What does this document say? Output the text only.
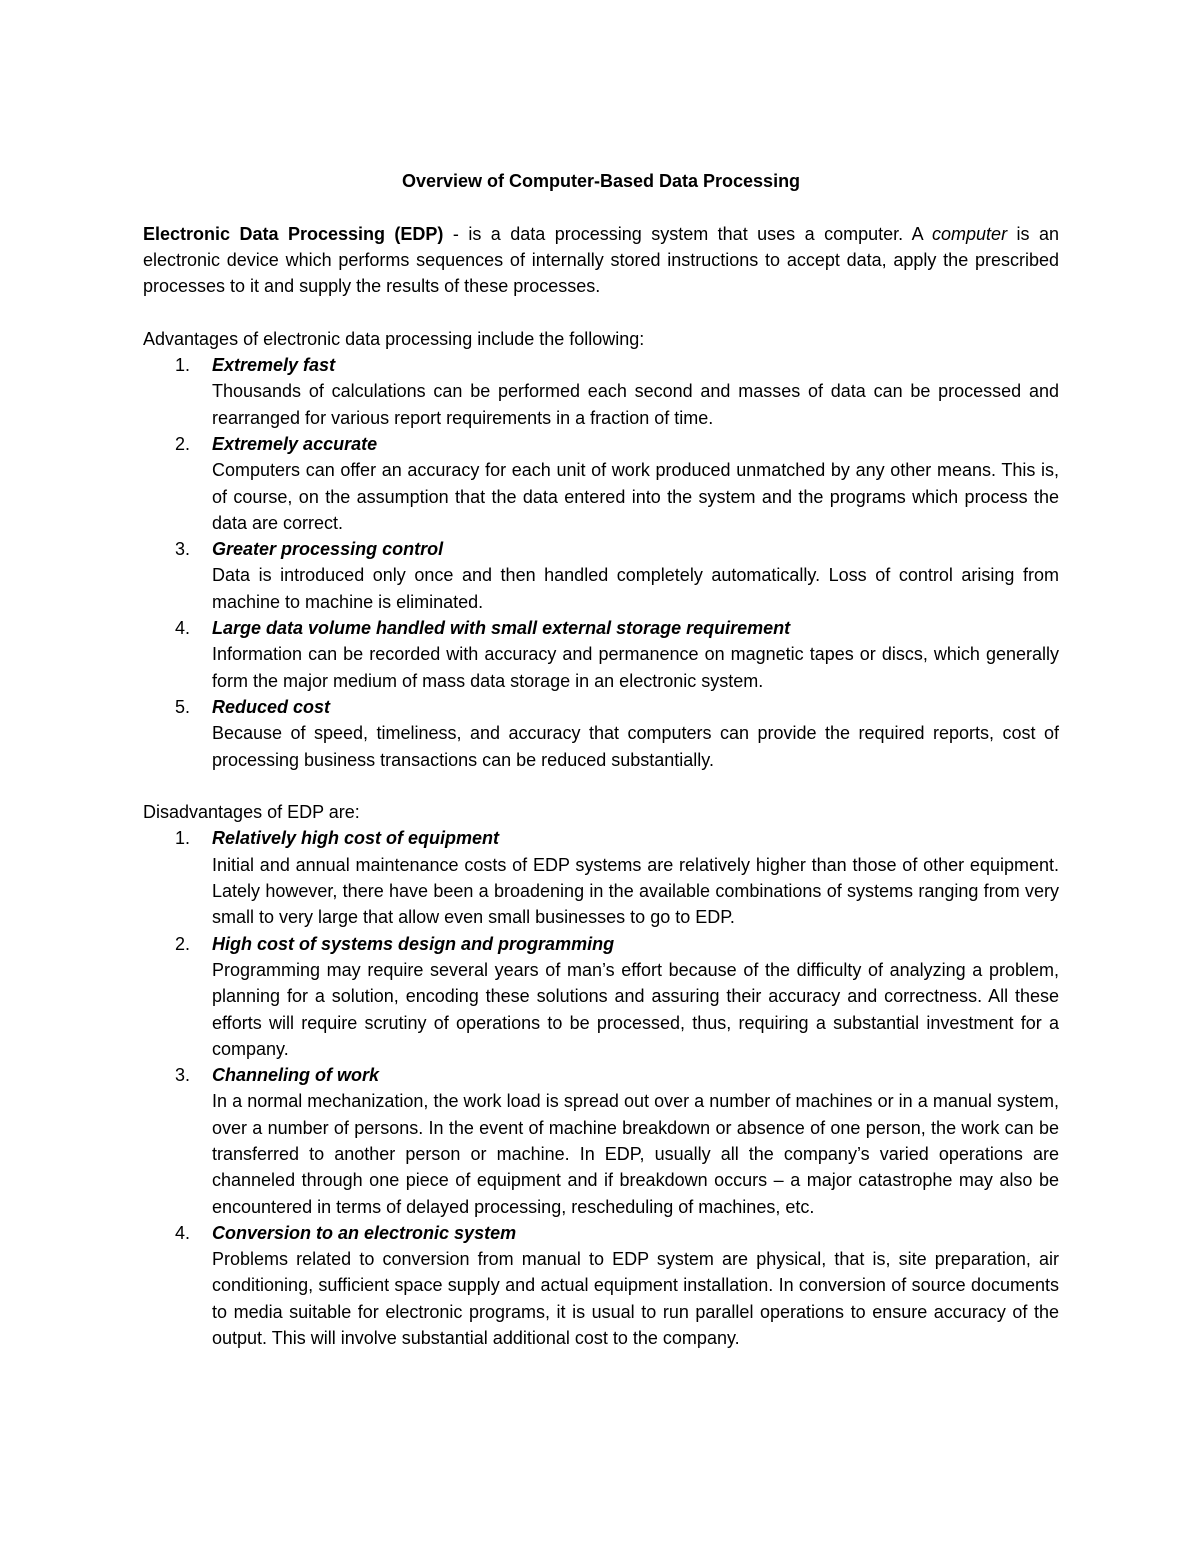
Overview of Computer-Based Data Processing

Electronic Data Processing (EDP) - is a data processing system that uses a computer. A computer is an electronic device which performs sequences of internally stored instructions to accept data, apply the prescribed processes to it and supply the results of these processes.

Advantages of electronic data processing include the following:

1. Extremely fast
Thousands of calculations can be performed each second and masses of data can be processed and rearranged for various report requirements in a fraction of time.
2. Extremely accurate
Computers can offer an accuracy for each unit of work produced unmatched by any other means. This is, of course, on the assumption that the data entered into the system and the programs which process the data are correct.
3. Greater processing control
Data is introduced only once and then handled completely automatically. Loss of control arising from machine to machine is eliminated.
4. Large data volume handled with small external storage requirement
Information can be recorded with accuracy and permanence on magnetic tapes or discs, which generally form the major medium of mass data storage in an electronic system.
5. Reduced cost
Because of speed, timeliness, and accuracy that computers can provide the required reports, cost of processing business transactions can be reduced substantially.

Disadvantages of EDP are:

1. Relatively high cost of equipment
Initial and annual maintenance costs of EDP systems are relatively higher than those of other equipment. Lately however, there have been a broadening in the available combinations of systems ranging from very small to very large that allow even small businesses to go to EDP.
2. High cost of systems design and programming
Programming may require several years of man’s effort because of the difficulty of analyzing a problem, planning for a solution, encoding these solutions and assuring their accuracy and correctness. All these efforts will require scrutiny of operations to be processed, thus, requiring a substantial investment for a company.
3. Channeling of work
In a normal mechanization, the work load is spread out over a number of machines or in a manual system, over a number of persons. In the event of machine breakdown or absence of one person, the work can be transferred to another person or machine. In EDP, usually all the company’s varied operations are channeled through one piece of equipment and if breakdown occurs – a major catastrophe may also be encountered in terms of delayed processing, rescheduling of machines, etc.
4. Conversion to an electronic system
Problems related to conversion from manual to EDP system are physical, that is, site preparation, air conditioning, sufficient space supply and actual equipment installation. In conversion of source documents to media suitable for electronic programs, it is usual to run parallel operations to ensure accuracy of the output. This will involve substantial additional cost to the company.
